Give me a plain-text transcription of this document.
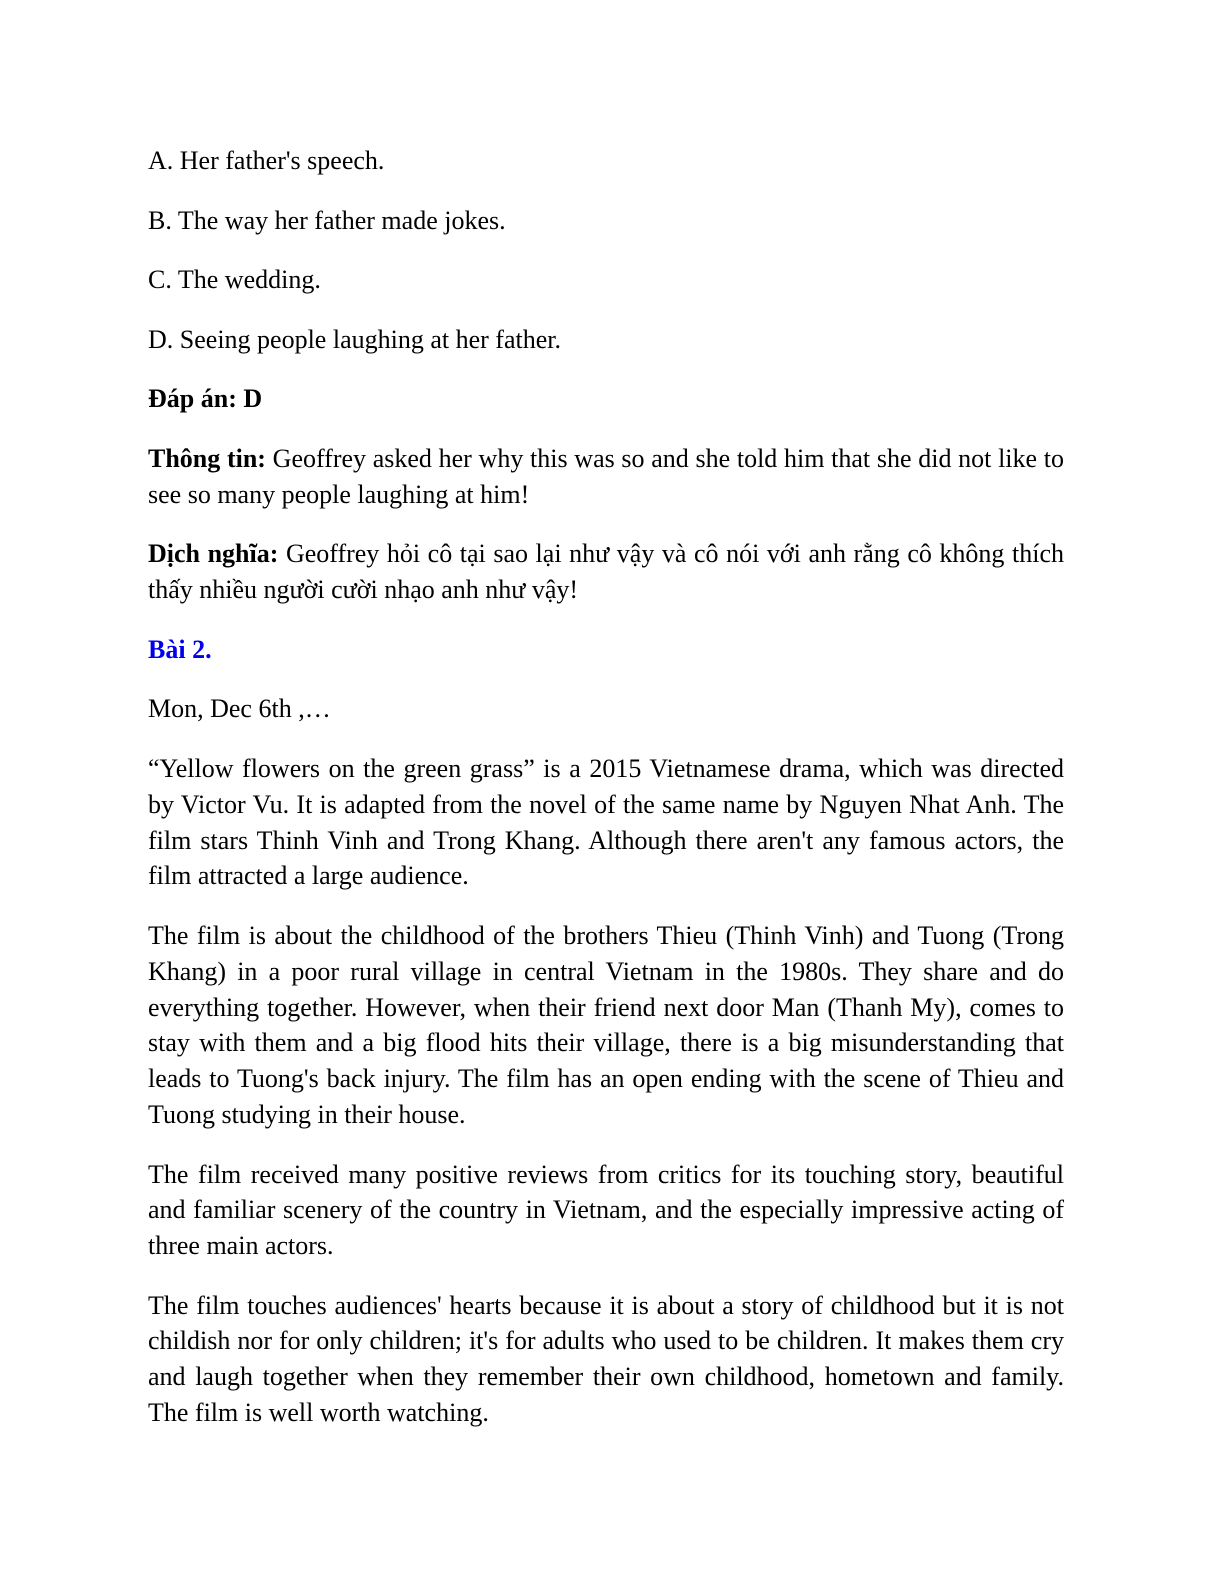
A. Her father's speech.

B. The way her father made jokes.

C. The wedding.

D. Seeing people laughing at her father.

Đáp án: D

Thông tin: Geoffrey asked her why this was so and she told him that she did not like to see so many people laughing at him!

Dịch nghĩa: Geoffrey hỏi cô tại sao lại như vậy và cô nói với anh rằng cô không thích thấy nhiều người cười nhạo anh như vậy!

Bài 2.

Mon, Dec 6th ,…

“Yellow flowers on the green grass” is a 2015 Vietnamese drama, which was directed by Victor Vu. It is adapted from the novel of the same name by Nguyen Nhat Anh. The film stars Thinh Vinh and Trong Khang. Although there aren't any famous actors, the film attracted a large audience.

The film is about the childhood of the brothers Thieu (Thinh Vinh) and Tuong (Trong Khang) in a poor rural village in central Vietnam in the 1980s. They share and do everything together. However, when their friend next door Man (Thanh My), comes to stay with them and a big flood hits their village, there is a big misunderstanding that leads to Tuong's back injury. The film has an open ending with the scene of Thieu and Tuong studying in their house.

The film received many positive reviews from critics for its touching story, beautiful and familiar scenery of the country in Vietnam, and the especially impressive acting of three main actors.

The film touches audiences' hearts because it is about a story of childhood but it is not childish nor for only children; it's for adults who used to be children. It makes them cry and laugh together when they remember their own childhood, hometown and family. The film is well worth watching.
